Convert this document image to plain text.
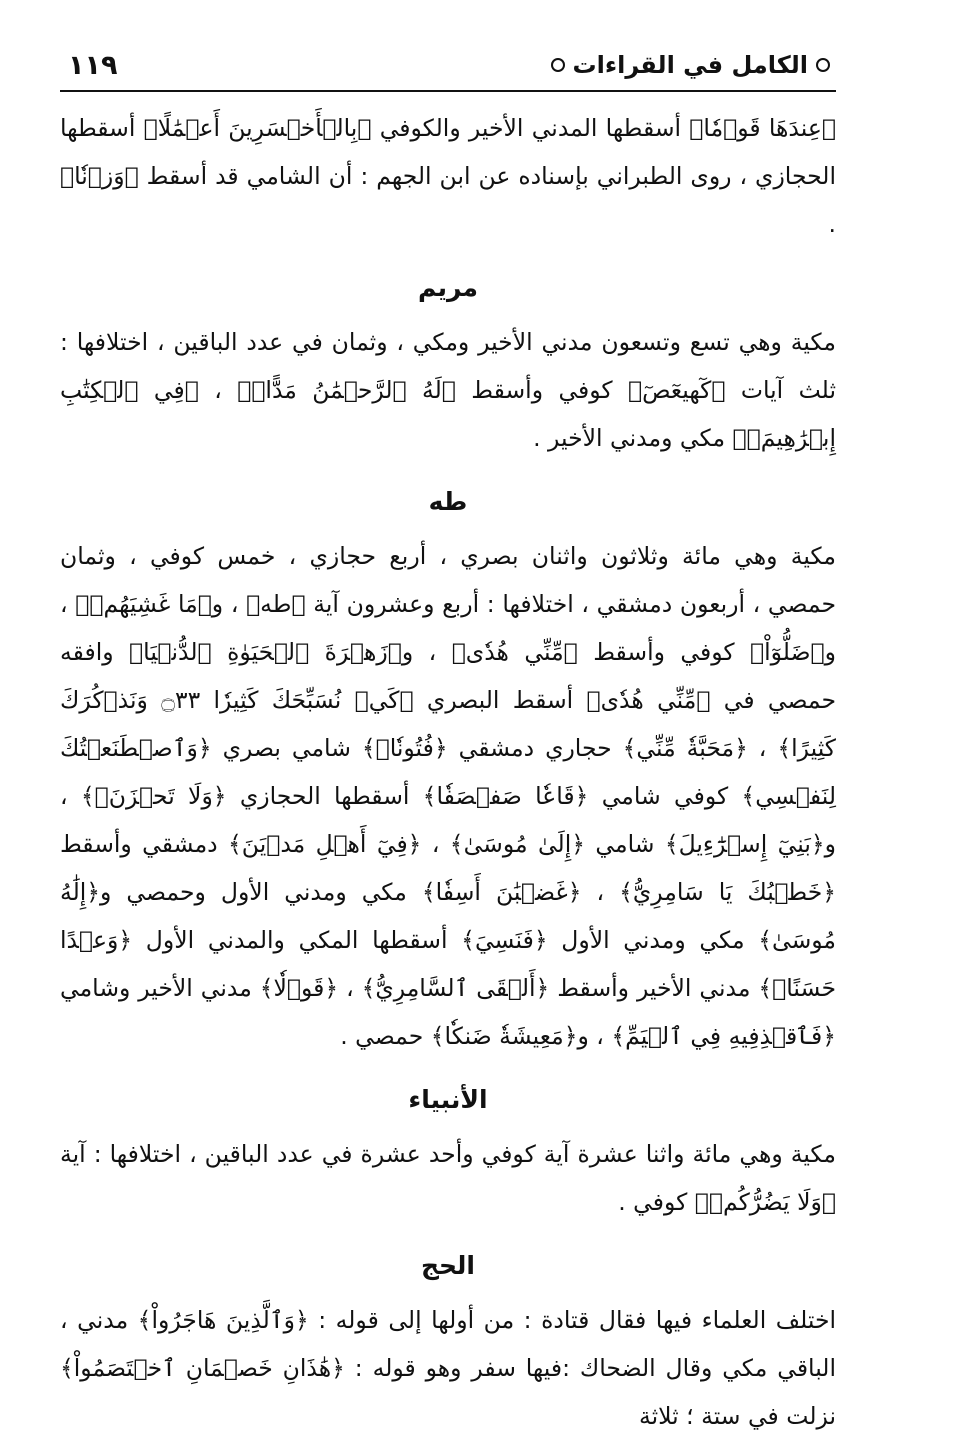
الكامل في القراءات
١١٩

﴿عِندَهَا قَوۡمٗا﴾ أسقطها المدني الأخير والكوفي ﴿بِالۡأَخۡسَرِينَ أَعۡمَٰلًا﴾ أسقطها الحجازي ، روى الطبراني بإسناده عن ابن الجهم : أن الشامي قد أسقط ﴿وَزۡنٗا﴾ .

مريم

مكية وهي تسع وتسعون مدني الأخير ومكي ، وثمان في عدد الباقين ، اختلافها : ثلث آيات ﴿كٓهيعٓصٓ﴾ كوفي وأسقط ﴿لَهُ ٱلرَّحۡمَٰنُ مَدًّاۚ﴾ ، ﴿فِي ٱلۡكِتَٰبِ إِبۡرَٰهِيمَۚ﴾ مكي ومدني الأخير .

طه

مكية وهي مائة وثلاثون واثنان بصري ، أربع حجازي ، خمس كوفي ، وثمان حمصي ، أربعون دمشقي ، اختلافها : أربع وعشرون آية ﴿طه﴾ ، و﴿مَا غَشِيَهُمۡ﴾ ، و﴿ضَلُّوٓاْ﴾ كوفي وأسقط ﴿مِّنِّي هُدٗى﴾ ، و﴿زَهۡرَةَ ٱلۡحَيَوٰةِ ٱلدُّنۡيَا﴾ وافقه حمصي في ﴿مِّنِّي هُدٗى﴾ أسقط البصري ﴿كَيۡ نُسَبِّحَكَ كَثِيرٗا ۝٣٣ وَنَذۡكُرَكَ كَثِيرًا﴾ ، ﴿مَحَبَّةٗ مِّنِّي﴾ حجاري دمشقي ﴿فُتُونٗاۚ﴾ شامي بصري ﴿وَٱصۡطَنَعۡتُكَ لِنَفۡسِي﴾ كوفي شامي ﴿قَاعٗا صَفۡصَفٗا﴾ أسقطها الحجازي ﴿وَلَا تَحۡزَنَۚ﴾ ، و﴿بَنِيٓ إِسۡرَٰٓءِيلَ﴾ شامي ﴿إِلَىٰ مُوسَىٰ﴾ ، ﴿فِيٓ أَهۡلِ مَدۡيَنَ﴾ دمشقي وأسقط ﴿خَطۡبُكَ يَا سَامِرِيُّ﴾ ، ﴿غَضۡبَٰنَ أَسِفٗا﴾ مكي ومدني الأول وحمصي و﴿إِلَٰهُ مُوسَىٰ﴾ مكي ومدني الأول ﴿فَنَسِيَ﴾ أسقطها المكي والمدني الأول ﴿وَعۡدًا حَسَنًاۚ﴾ مدني الأخير وأسقط ﴿أَلۡقَى ٱلسَّامِرِيُّ﴾ ، ﴿قَوۡلٗا﴾ مدني الأخير وشامي ﴿فَٱقۡذِفِيهِ فِي ٱلۡيَمِّ﴾ ، و﴿مَعِيشَةٗ ضَنكٗا﴾ حمصي .

الأنبياء

مكية وهي مائة واثنا عشرة آية كوفي وأحد عشرة في عدد الباقين ، اختلافها : آية ﴿وَلَا يَضُرُّكُمۡ﴾ كوفي .

الحج

اختلف العلماء فيها فقال قتادة : من أولها إلى قوله : ﴿وَٱلَّذِينَ هَاجَرُواْ﴾ مدني ، الباقي مكي وقال الضحاك :فيها سفر وهو قوله : ﴿هَٰذَانِ خَصۡمَانِ ٱخۡتَصَمُواْ﴾ نزلت في ستة ؛ ثلاثة
